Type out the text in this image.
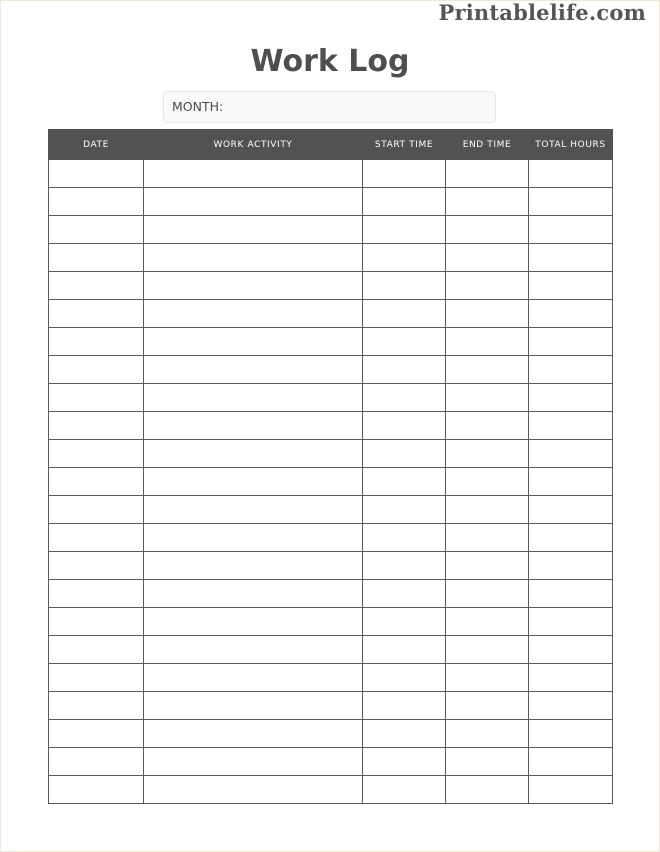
Printablelife.com
Work Log
MONTH:
DATE	WORK ACTIVITY	START TIME	END TIME	TOTAL HOURS
